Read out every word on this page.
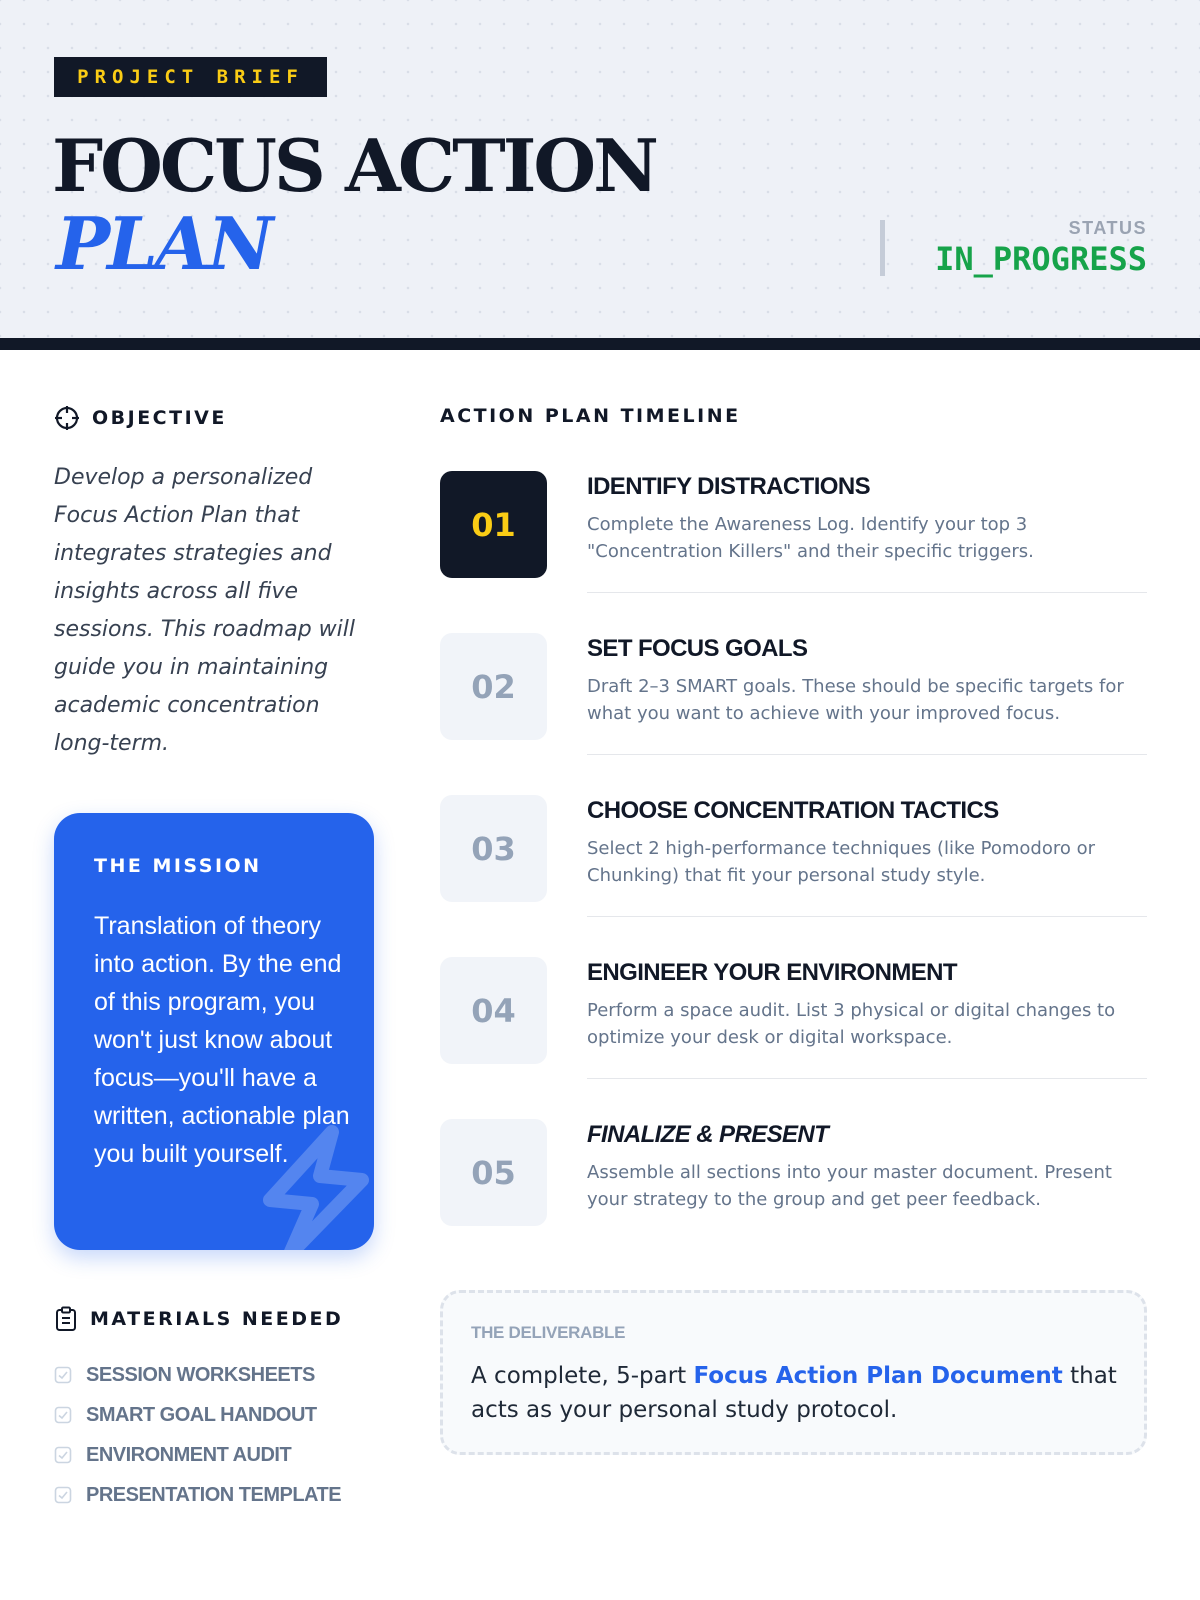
PROJECT BRIEF
FOCUS ACTION
PLAN	STATUS
IN_PROGRESS
OBJECTIVE
Develop a personalized Focus Action Plan that integrates strategies and insights across all five sessions. This roadmap will guide you in maintaining academic concentration long-term.
THE MISSION
Translation of theory into action. By the end of this program, you won't just know about focus—you'll have a written, actionable plan you built yourself.
MATERIALS NEEDED
SESSION WORKSHEETS
SMART GOAL HANDOUT
ENVIRONMENT AUDIT
PRESENTATION TEMPLATE
ACTION PLAN TIMELINE
01
IDENTIFY DISTRACTIONS
Complete the Awareness Log. Identify your top 3 "Concentration Killers" and their specific triggers.
02
SET FOCUS GOALS
Draft 2–3 SMART goals. These should be specific targets for what you want to achieve with your improved focus.
03
CHOOSE CONCENTRATION TACTICS
Select 2 high-performance techniques (like Pomodoro or Chunking) that fit your personal study style.
04
ENGINEER YOUR ENVIRONMENT
Perform a space audit. List 3 physical or digital changes to optimize your desk or digital workspace.
05
FINALIZE & PRESENT
Assemble all sections into your master document. Present your strategy to the group and get peer feedback.
THE DELIVERABLE
A complete, 5-part Focus Action Plan Document that acts as your personal study protocol.
